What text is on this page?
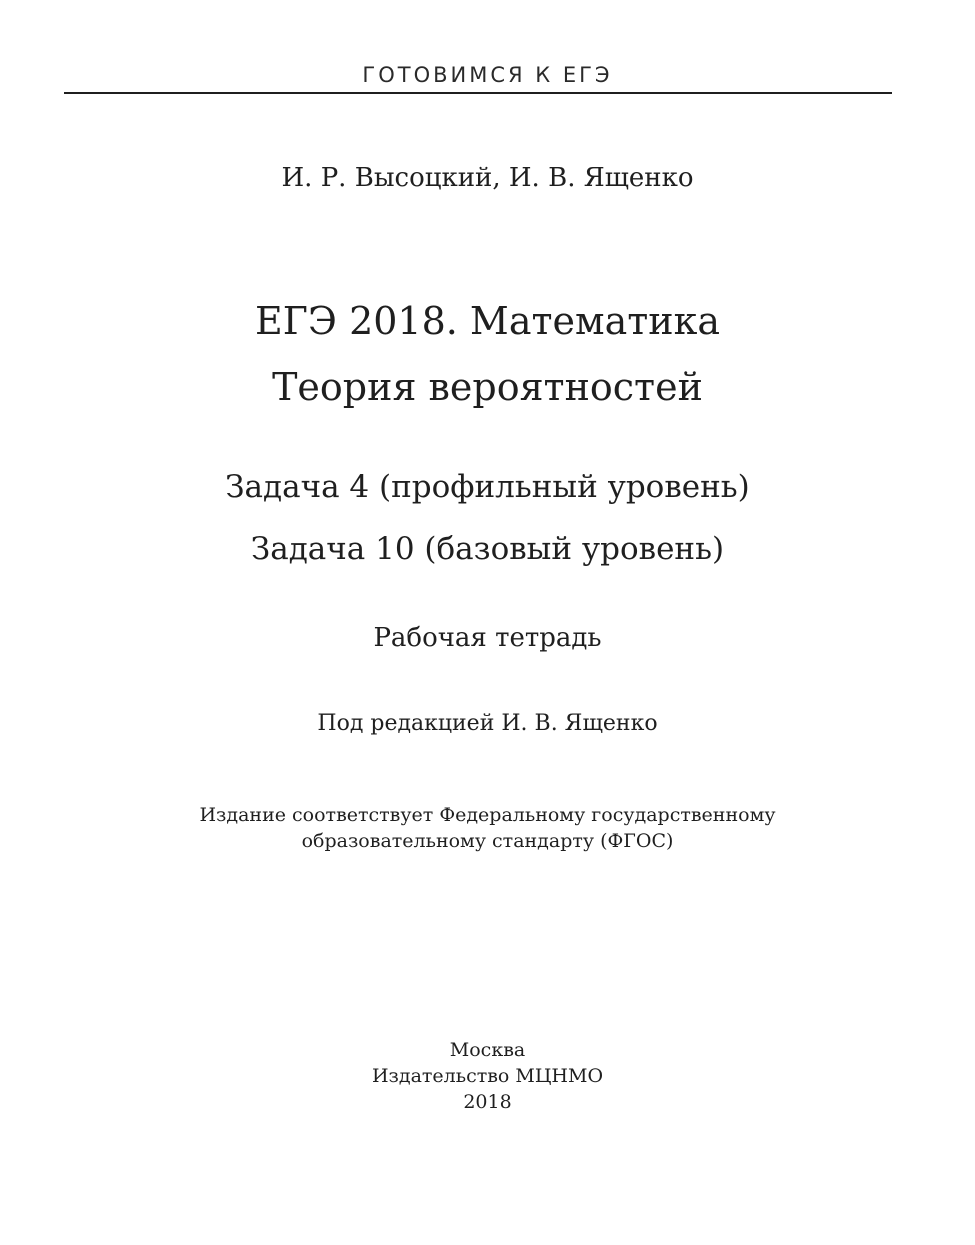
ГОТОВИМСЯ К ЕГЭ
И. Р. Высоцкий, И. В. Ященко
ЕГЭ 2018. Математика
Теория вероятностей
Задача 4 (профильный уровень)
Задача 10 (базовый уровень)
Рабочая тетрадь
Под редакцией И. В. Ященко
Издание соответствует Федеральному государственному
образовательному стандарту (ФГОС)
Москва
Издательство МЦНМО
2018
